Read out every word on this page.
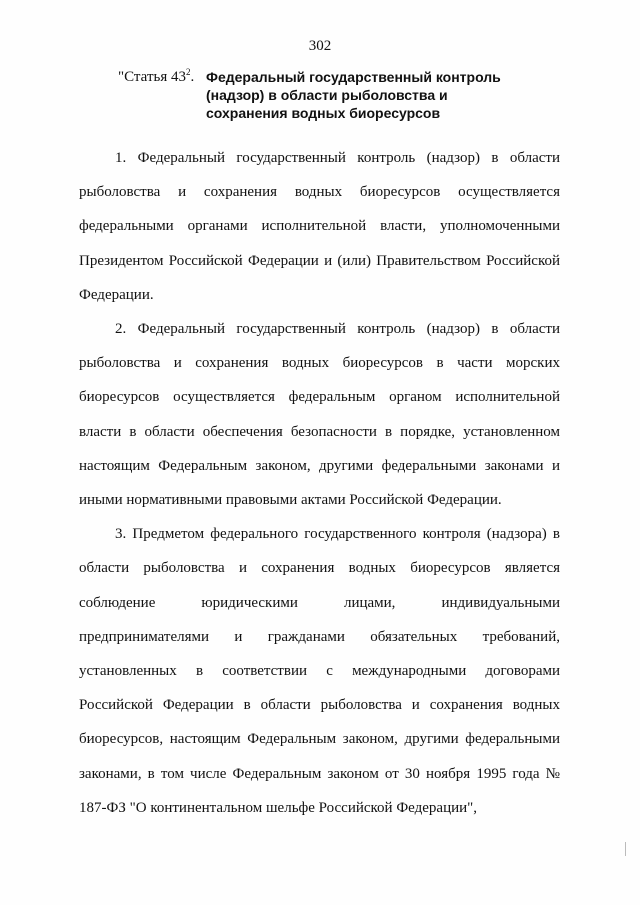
302
"Статья $43^2$. Федеральный государственный контроль
(надзор) в области рыболовства и
сохранения водных биоресурсов

1. Федеральный государственный контроль (надзор) в области рыболовства и сохранения водных биоресурсов осуществляется федеральными органами исполнительной власти, уполномоченными Президентом Российской Федерации и (или) Правительством Российской Федерации.

2. Федеральный государственный контроль (надзор) в области рыболовства и сохранения водных биоресурсов в части морских биоресурсов осуществляется федеральным органом исполнительной власти в области обеспечения безопасности в порядке, установленном настоящим Федеральным законом, другими федеральными законами и иными нормативными правовыми актами Российской Федерации.

3. Предметом федерального государственного контроля (надзора) в области рыболовства и сохранения водных биоресурсов является соблюдение юридическими лицами, индивидуальными предпринимателями и гражданами обязательных требований, установленных в соответствии с международными договорами Российской Федерации в области рыболовства и сохранения водных биоресурсов, настоящим Федеральным законом, другими федеральными законами, в том числе Федеральным законом от 30 ноября 1995 года № 187-ФЗ "О континентальном шельфе Российской Федерации",
